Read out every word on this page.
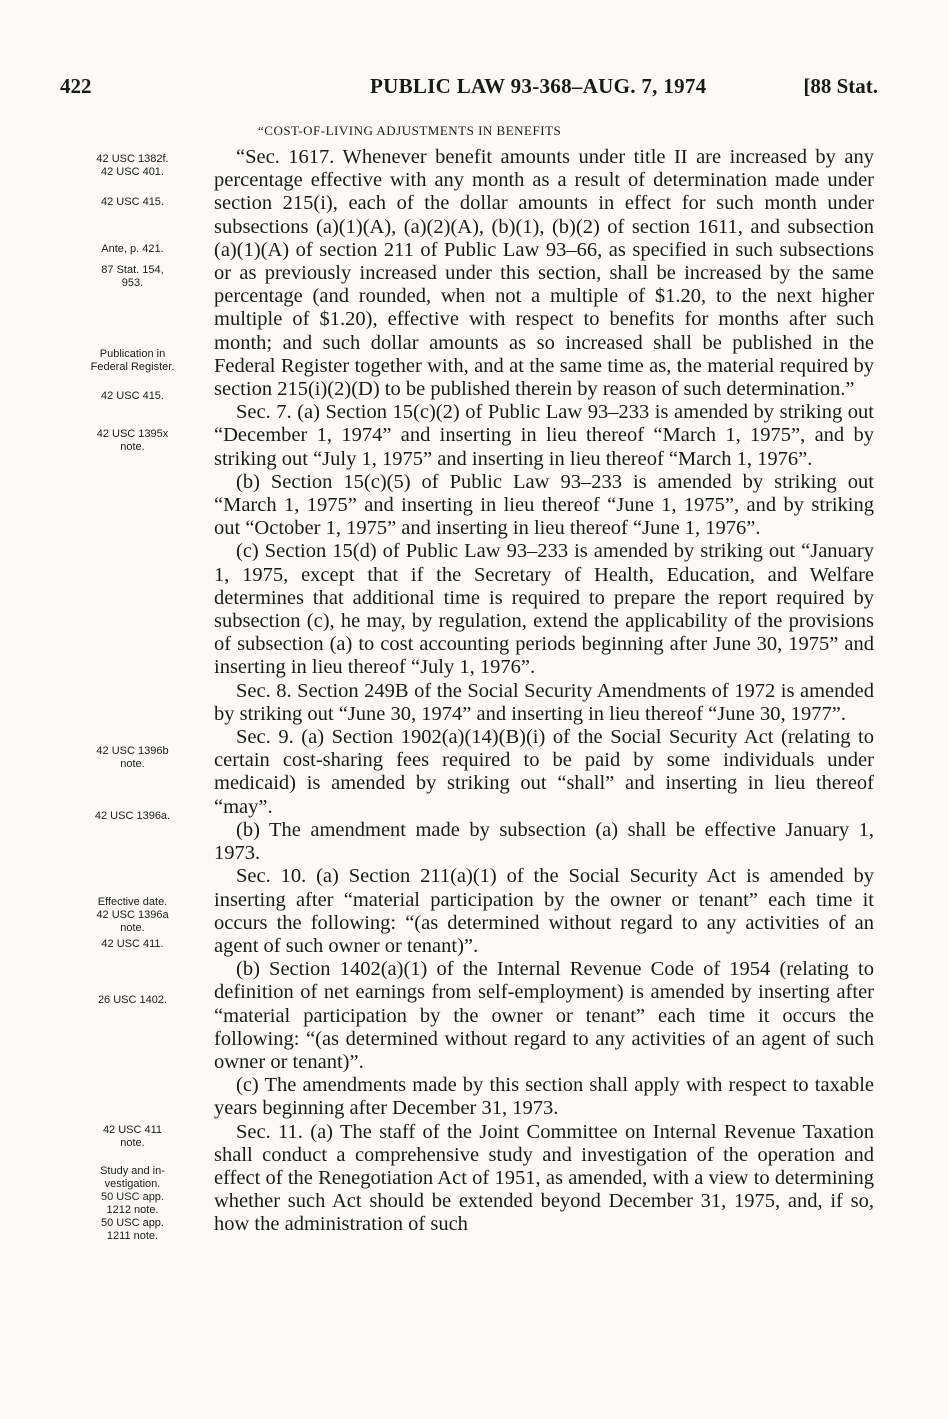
422	PUBLIC LAW 93-368–AUG. 7, 1974	[88 Stat.
“COST-OF-LIVING ADJUSTMENTS IN BENEFITS
42 USC 1382f.
42 USC 401.
42 USC 415.
Ante, p. 421.
87 Stat. 154,
953.
Publication in
Federal Register.
42 USC 415.
42 USC 1395x
note.
42 USC 1396b
note.
42 USC 1396a.
Effective date.
42 USC 1396a
note.
42 USC 411.
26 USC 1402.
42 USC 411
note.
Study and in-
vestigation.
50 USC app.
1212 note.
50 USC app.
1211 note.

“Sec. 1617. Whenever benefit amounts under title II are increased by any percentage effective with any month as a result of determination made under section 215(i), each of the dollar amounts in effect for such month under subsections (a)(1)(A), (a)(2)(A), (b)(1), (b)(2) of section 1611, and subsection (a)(1)(A) of section 211 of Public Law 93–66, as specified in such subsections or as previously increased under this section, shall be increased by the same percentage (and rounded, when not a multiple of $1.20, to the next higher multiple of $1.20), effective with respect to benefits for months after such month; and such dollar amounts as so increased shall be published in the Federal Register together with, and at the same time as, the material required by section 215(i)(2)(D) to be published therein by reason of such determination.”

Sec. 7. (a) Section 15(c)(2) of Public Law 93–233 is amended by striking out “December 1, 1974” and inserting in lieu thereof “March 1, 1975”, and by striking out “July 1, 1975” and inserting in lieu thereof “March 1, 1976”.

(b) Section 15(c)(5) of Public Law 93–233 is amended by striking out “March 1, 1975” and inserting in lieu thereof “June 1, 1975”, and by striking out “October 1, 1975” and inserting in lieu thereof “June 1, 1976”.

(c) Section 15(d) of Public Law 93–233 is amended by striking out “January 1, 1975, except that if the Secretary of Health, Education, and Welfare determines that additional time is required to prepare the report required by subsection (c), he may, by regulation, extend the applicability of the provisions of subsection (a) to cost accounting periods beginning after June 30, 1975” and inserting in lieu thereof “July 1, 1976”.

Sec. 8. Section 249B of the Social Security Amendments of 1972 is amended by striking out “June 30, 1974” and inserting in lieu thereof “June 30, 1977”.

Sec. 9. (a) Section 1902(a)(14)(B)(i) of the Social Security Act (relating to certain cost-sharing fees required to be paid by some individuals under medicaid) is amended by striking out “shall” and inserting in lieu thereof “may”.

(b) The amendment made by subsection (a) shall be effective January 1, 1973.

Sec. 10. (a) Section 211(a)(1) of the Social Security Act is amended by inserting after “material participation by the owner or tenant” each time it occurs the following: “(as determined without regard to any activities of an agent of such owner or tenant)”.

(b) Section 1402(a)(1) of the Internal Revenue Code of 1954 (relating to definition of net earnings from self-employment) is amended by inserting after “material participation by the owner or tenant” each time it occurs the following: “(as determined without regard to any activities of an agent of such owner or tenant)”.

(c) The amendments made by this section shall apply with respect to taxable years beginning after December 31, 1973.

Sec. 11. (a) The staff of the Joint Committee on Internal Revenue Taxation shall conduct a comprehensive study and investigation of the operation and effect of the Renegotiation Act of 1951, as amended, with a view to determining whether such Act should be extended beyond December 31, 1975, and, if so, how the administration of such
